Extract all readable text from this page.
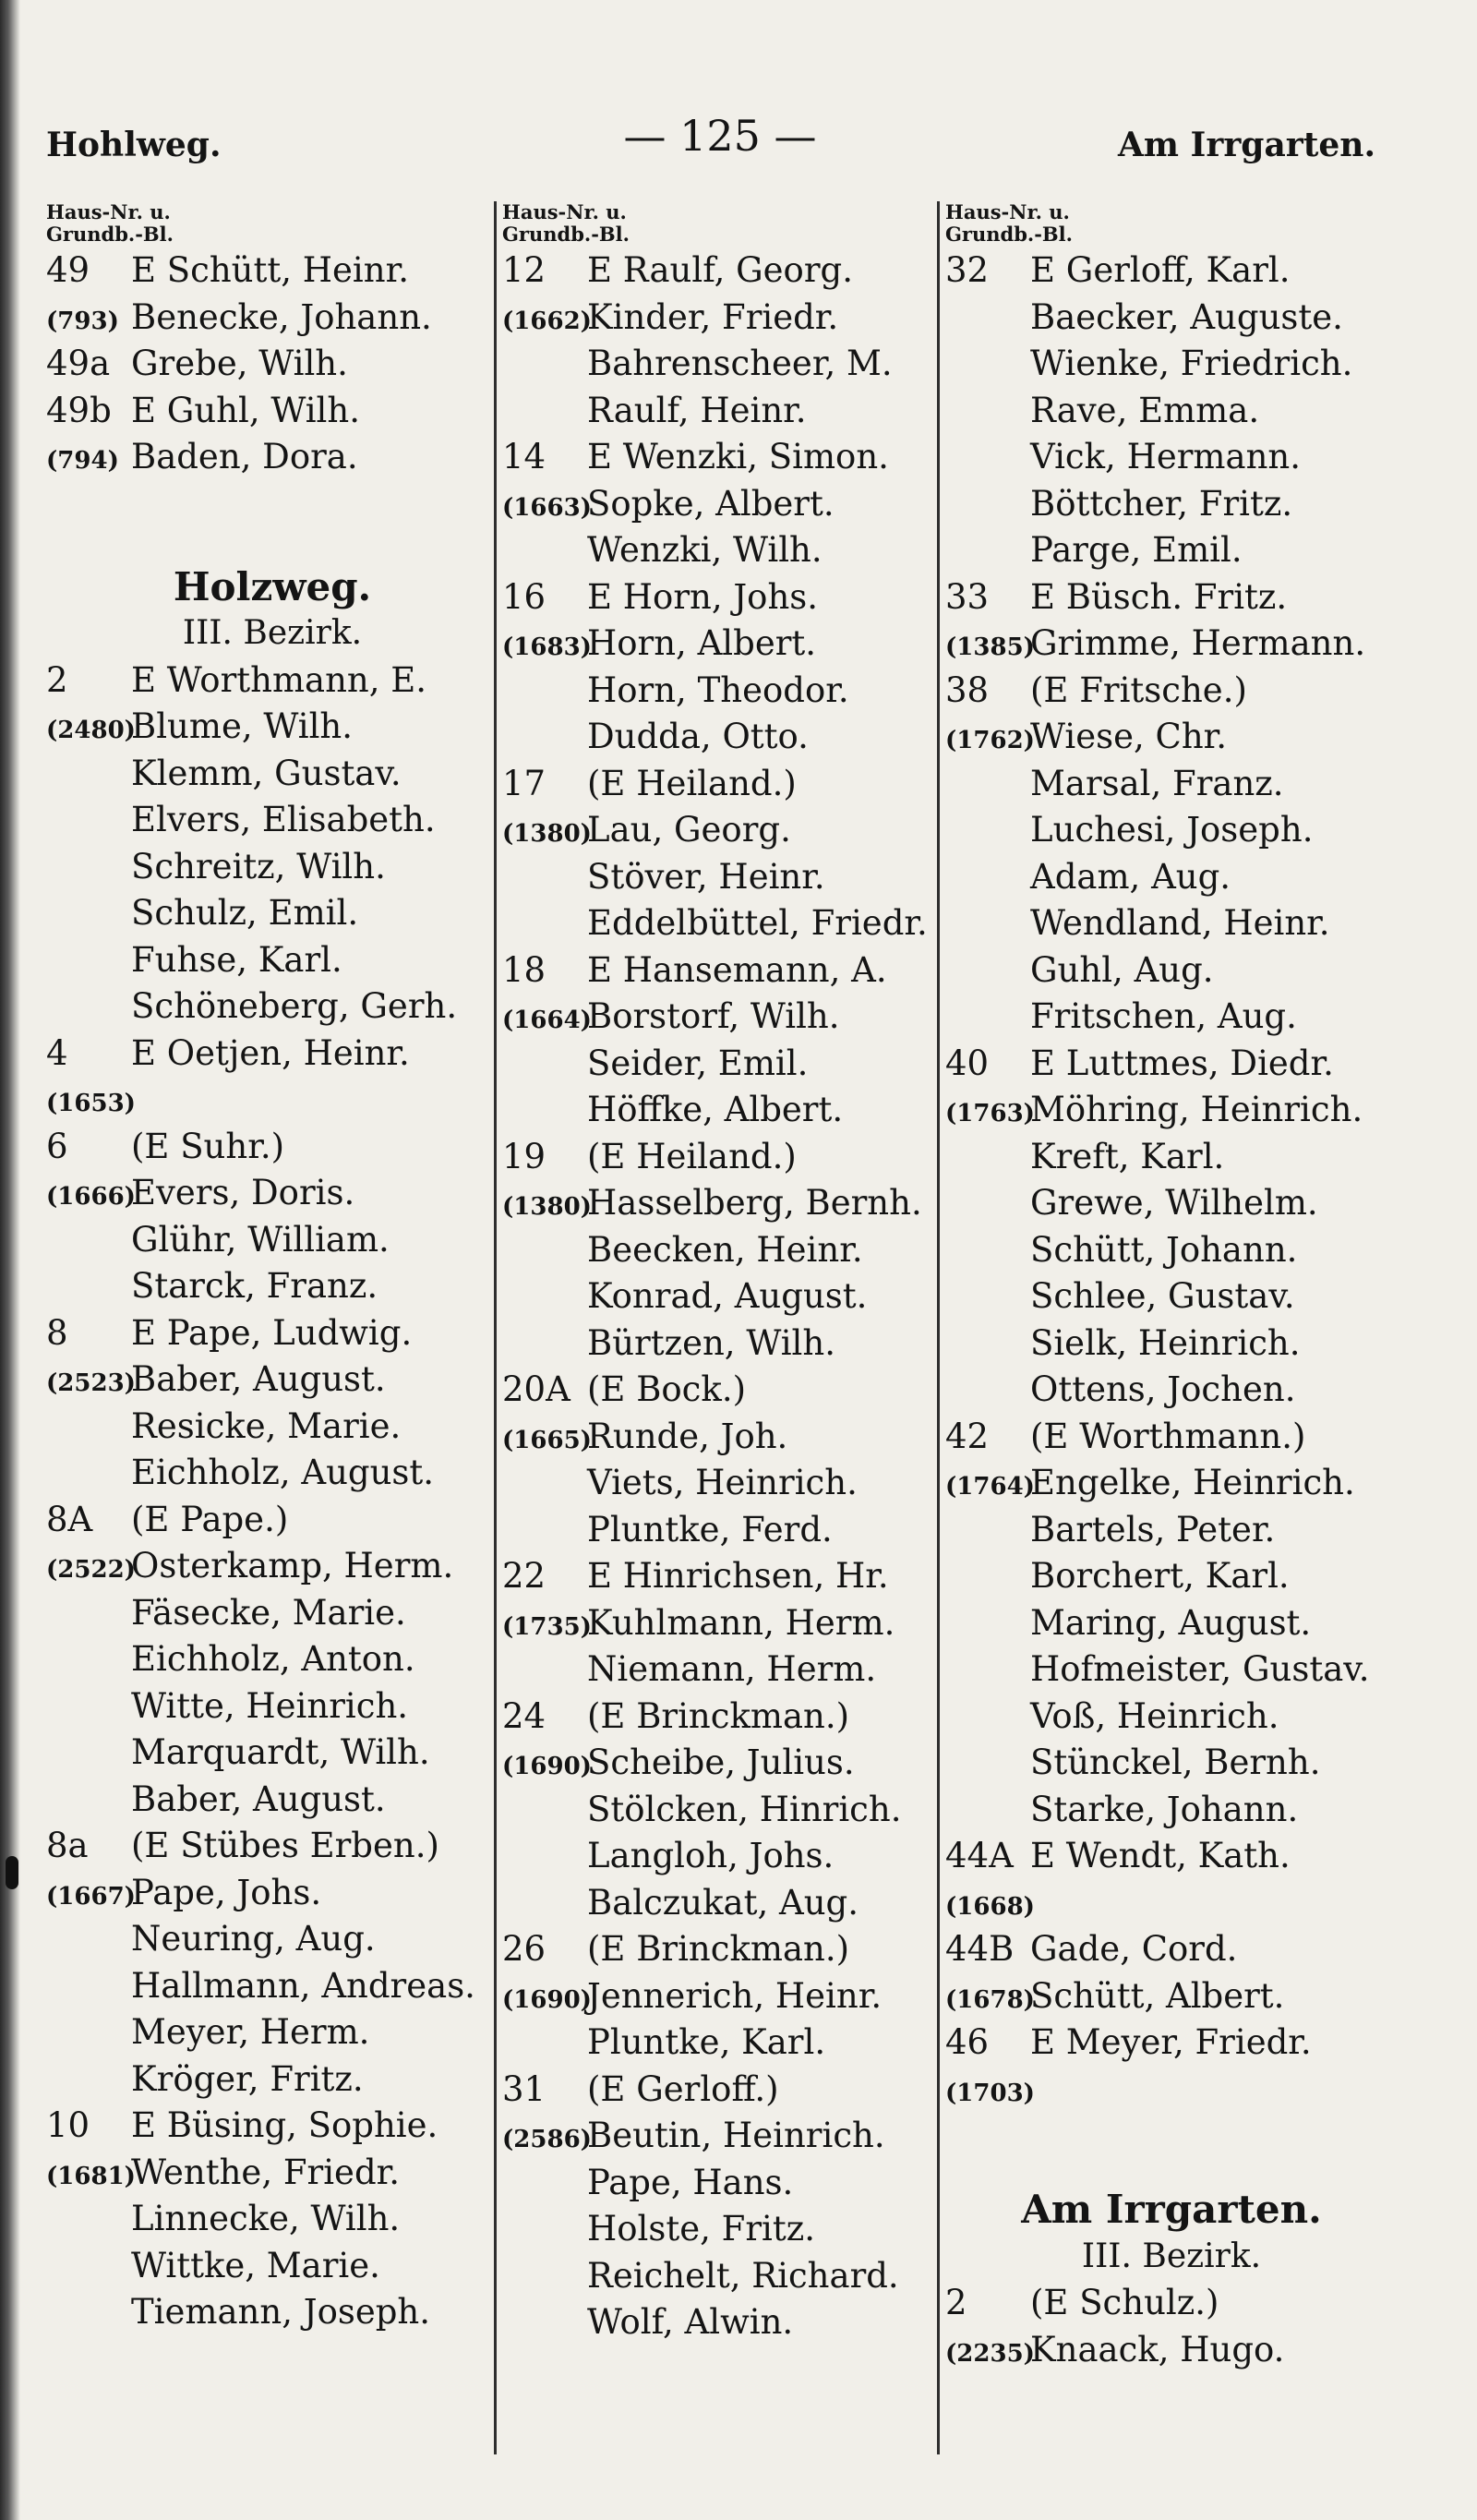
Hohlweg.	— 125 —	Am Irrgarten.
Haus-Nr. u.
Grundb.-Bl.
49 E Schütt, Heinr.
(793) Benecke, Johann.
49a Grebe, Wilh.
49b E Guhl, Wilh.
(794) Baden, Dora.
Holzweg.
III. Bezirk.
2 E Worthmann, E.
(2480)Blume, Wilh.
Klemm, Gustav.
Elvers, Elisabeth.
Schreitz, Wilh.
Schulz, Emil.
Fuhse, Karl.
Schöneberg, Gerh.
4 E Oetjen, Heinr.
(1653)
6 (E Suhr.)
(1666)Evers, Doris.
Glühr, William.
Starck, Franz.
8 E Pape, Ludwig.
(2523)Baber, August.
Resicke, Marie.
Eichholz, August.
8A (E Pape.)
(2522)Osterkamp, Herm.
Fäsecke, Marie.
Eichholz, Anton.
Witte, Heinrich.
Marquardt, Wilh.
Baber, August.
8a (E Stübes Erben.)
(1667)Pape, Johs.
Neuring, Aug.
Hallmann, Andreas.
Meyer, Herm.
Kröger, Fritz.
10 E Büsing, Sophie.
(1681)Wenthe, Friedr.
Linnecke, Wilh.
Wittke, Marie.
Tiemann, Joseph.
Haus-Nr. u.
Grundb.-Bl.
12 E Raulf, Georg.
(1662)Kinder, Friedr.
Bahrenscheer, M.
Raulf, Heinr.
14 E Wenzki, Simon.
(1663)Sopke, Albert.
Wenzki, Wilh.
16 E Horn, Johs.
(1683)Horn, Albert.
Horn, Theodor.
Dudda, Otto.
17 (E Heiland.)
(1380)Lau, Georg.
Stöver, Heinr.
Eddelbüttel, Friedr.
18 E Hansemann, A.
(1664)Borstorf, Wilh.
Seider, Emil.
Höffke, Albert.
19 (E Heiland.)
(1380)Hasselberg, Bernh.
Beecken, Heinr.
Konrad, August.
Bürtzen, Wilh.
20A (E Bock.)
(1665)Runde, Joh.
Viets, Heinrich.
Pluntke, Ferd.
22 E Hinrichsen, Hr.
(1735)Kuhlmann, Herm.
Niemann, Herm.
24 (E Brinckman.)
(1690)Scheibe, Julius.
Stölcken, Hinrich.
Langloh, Johs.
Balczukat, Aug.
26 (E Brinckman.)
(1690)Jennerich, Heinr.
Pluntke, Karl.
31 (E Gerloff.)
(2586)Beutin, Heinrich.
Pape, Hans.
Holste, Fritz.
Reichelt, Richard.
Wolf, Alwin.
Haus-Nr. u.
Grundb.-Bl.
32 E Gerloff, Karl.
Baecker, Auguste.
Wienke, Friedrich.
Rave, Emma.
Vick, Hermann.
Böttcher, Fritz.
Parge, Emil.
33 E Büsch. Fritz.
(1385)Grimme, Hermann.
38 (E Fritsche.)
(1762)Wiese, Chr.
Marsal, Franz.
Luchesi, Joseph.
Adam, Aug.
Wendland, Heinr.
Guhl, Aug.
Fritschen, Aug.
40 E Luttmes, Diedr.
(1763)Möhring, Heinrich.
Kreft, Karl.
Grewe, Wilhelm.
Schütt, Johann.
Schlee, Gustav.
Sielk, Heinrich.
Ottens, Jochen.
42 (E Worthmann.)
(1764)Engelke, Heinrich.
Bartels, Peter.
Borchert, Karl.
Maring, August.
Hofmeister, Gustav.
Voß, Heinrich.
Stünckel, Bernh.
Starke, Johann.
44A E Wendt, Kath.
(1668)
44B Gade, Cord.
(1678)Schütt, Albert.
46 E Meyer, Friedr.
(1703)
Am Irrgarten.
III. Bezirk.
2 (E Schulz.)
(2235)Knaack, Hugo.
